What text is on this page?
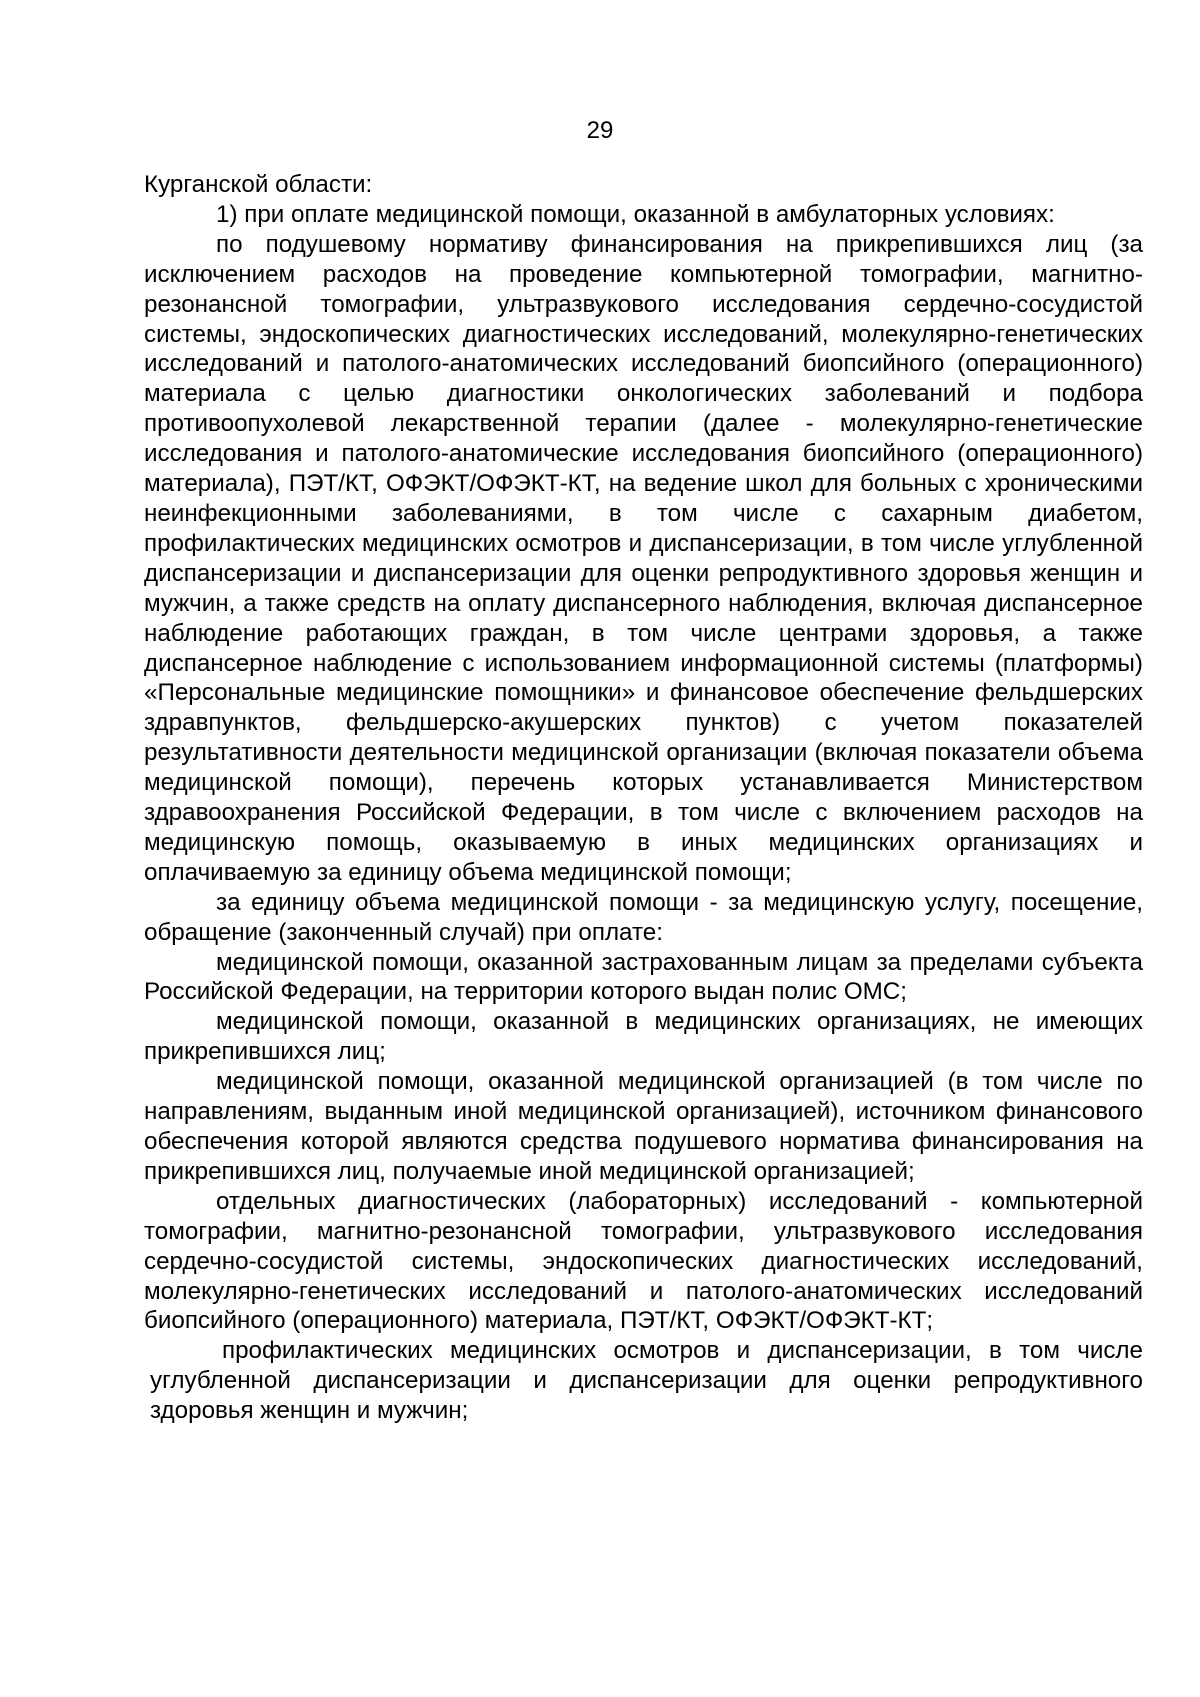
29

Курганской области:

1) при оплате медицинской помощи, оказанной в амбулаторных условиях:

по подушевому нормативу финансирования на прикрепившихся лиц (за исключением расходов на проведение компьютерной томографии, магнитно-резонансной томографии, ультразвукового исследования сердечно-сосудистой системы, эндоскопических диагностических исследований, молекулярно-генетических исследований и патолого-анатомических исследований биопсийного (операционного) материала с целью диагностики онкологических заболеваний и подбора противоопухолевой лекарственной терапии (далее - молекулярно-генетические исследования и патолого-анатомические исследования биопсийного (операционного) материала), ПЭТ/КТ, ОФЭКТ/ОФЭКТ-КТ, на ведение школ для больных с хроническими неинфекционными заболеваниями, в том числе с сахарным диабетом, профилактических медицинских осмотров и диспансеризации, в том числе углубленной диспансеризации и диспансеризации для оценки репродуктивного здоровья женщин и мужчин, а также средств на оплату диспансерного наблюдения, включая диспансерное наблюдение работающих граждан, в том числе центрами здоровья, а также диспансерное наблюдение с использованием информационной системы (платформы) «Персональные медицинские помощники» и финансовое обеспечение фельдшерских здравпунктов, фельдшерско-акушерских пунктов) с учетом показателей результативности деятельности медицинской организации (включая показатели объема медицинской помощи), перечень которых устанавливается Министерством здравоохранения Российской Федерации, в том числе с включением расходов на медицинскую помощь, оказываемую в иных медицинских организациях и оплачиваемую за единицу объема медицинской помощи;

за единицу объема медицинской помощи - за медицинскую услугу, посещение, обращение (законченный случай) при оплате:

медицинской помощи, оказанной застрахованным лицам за пределами субъекта Российской Федерации, на территории которого выдан полис ОМС;

медицинской помощи, оказанной в медицинских организациях, не имеющих прикрепившихся лиц;

медицинской помощи, оказанной медицинской организацией (в том числе по направлениям, выданным иной медицинской организацией), источником финансового обеспечения которой являются средства подушевого норматива финансирования на прикрепившихся лиц, получаемые иной медицинской организацией;

отдельных диагностических (лабораторных) исследований - компьютерной томографии, магнитно-резонансной томографии, ультразвукового исследования сердечно-сосудистой системы, эндоскопических диагностических исследований, молекулярно-генетических исследований и патолого-анатомических исследований биопсийного (операционного) материала, ПЭТ/КТ, ОФЭКТ/ОФЭКТ-КТ;

профилактических медицинских осмотров и диспансеризации, в том числе углубленной диспансеризации и диспансеризации для оценки репродуктивного здоровья женщин и мужчин;
